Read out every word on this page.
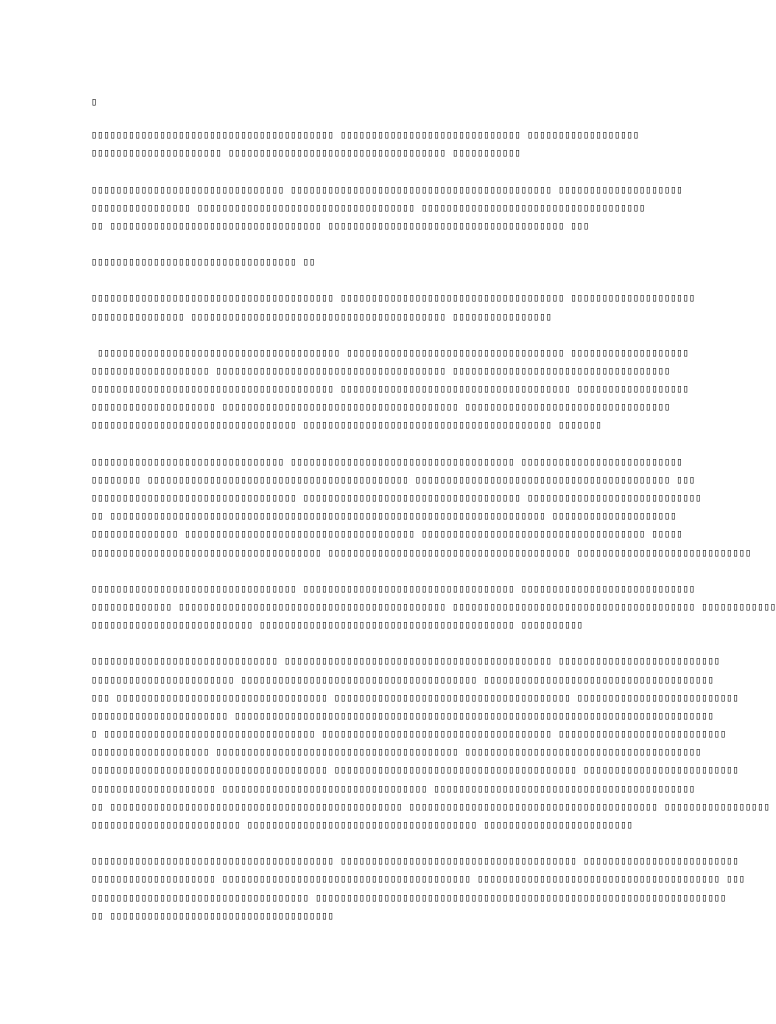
▯
▯▯▯▯▯▯▯▯▯▯▯▯▯▯▯▯▯▯▯▯▯▯▯▯▯▯▯▯▯▯▯▯▯▯▯▯▯▯▯ ▯▯▯▯▯▯▯▯▯▯▯▯▯▯▯▯▯▯▯▯▯▯▯▯▯▯▯▯▯ ▯▯▯▯▯▯▯▯▯▯▯▯▯▯▯▯▯▯
▯▯▯▯▯▯▯▯▯▯▯▯▯▯▯▯▯▯▯▯▯ ▯▯▯▯▯▯▯▯▯▯▯▯▯▯▯▯▯▯▯▯▯▯▯▯▯▯▯▯▯▯▯▯▯▯▯ ▯▯▯▯▯▯▯▯▯▯▯
▯▯▯▯▯▯▯▯▯▯▯▯▯▯▯▯▯▯▯▯▯▯▯▯▯▯▯▯▯▯▯ ▯▯▯▯▯▯▯▯▯▯▯▯▯▯▯▯▯▯▯▯▯▯▯▯▯▯▯▯▯▯▯▯▯▯▯▯▯▯▯▯▯▯ ▯▯▯▯▯▯▯▯▯▯▯▯▯▯▯▯▯▯▯▯
▯▯▯▯▯▯▯▯▯▯▯▯▯▯▯▯ ▯▯▯▯▯▯▯▯▯▯▯▯▯▯▯▯▯▯▯▯▯▯▯▯▯▯▯▯▯▯▯▯▯▯▯ ▯▯▯▯▯▯▯▯▯▯▯▯▯▯▯▯▯▯▯▯▯▯▯▯▯▯▯▯▯▯▯▯▯▯▯▯
▯▯ ▯▯▯▯▯▯▯▯▯▯▯▯▯▯▯▯▯▯▯▯▯▯▯▯▯▯▯▯▯▯▯▯▯▯ ▯▯▯▯▯▯▯▯▯▯▯▯▯▯▯▯▯▯▯▯▯▯▯▯▯▯▯▯▯▯▯▯▯▯▯▯▯▯ ▯▯▯
▯▯▯▯▯▯▯▯▯▯▯▯▯▯▯▯▯▯▯▯▯▯▯▯▯▯▯▯▯▯▯▯▯ ▯▯
▯▯▯▯▯▯▯▯▯▯▯▯▯▯▯▯▯▯▯▯▯▯▯▯▯▯▯▯▯▯▯▯▯▯▯▯▯▯▯ ▯▯▯▯▯▯▯▯▯▯▯▯▯▯▯▯▯▯▯▯▯▯▯▯▯▯▯▯▯▯▯▯▯▯▯▯ ▯▯▯▯▯▯▯▯▯▯▯▯▯▯▯▯▯▯▯▯
▯▯▯▯▯▯▯▯▯▯▯▯▯▯▯ ▯▯▯▯▯▯▯▯▯▯▯▯▯▯▯▯▯▯▯▯▯▯▯▯▯▯▯▯▯▯▯▯▯▯▯▯▯▯▯▯▯ ▯▯▯▯▯▯▯▯▯▯▯▯▯▯▯▯
▯▯▯▯▯▯▯▯▯▯▯▯▯▯▯▯▯▯▯▯▯▯▯▯▯▯▯▯▯▯▯▯▯▯▯▯▯▯▯ ▯▯▯▯▯▯▯▯▯▯▯▯▯▯▯▯▯▯▯▯▯▯▯▯▯▯▯▯▯▯▯▯▯▯▯ ▯▯▯▯▯▯▯▯▯▯▯▯▯▯▯▯▯▯▯
▯▯▯▯▯▯▯▯▯▯▯▯▯▯▯▯▯▯▯ ▯▯▯▯▯▯▯▯▯▯▯▯▯▯▯▯▯▯▯▯▯▯▯▯▯▯▯▯▯▯▯▯▯▯▯▯▯ ▯▯▯▯▯▯▯▯▯▯▯▯▯▯▯▯▯▯▯▯▯▯▯▯▯▯▯▯▯▯▯▯▯▯▯
▯▯▯▯▯▯▯▯▯▯▯▯▯▯▯▯▯▯▯▯▯▯▯▯▯▯▯▯▯▯▯▯▯▯▯▯▯▯▯ ▯▯▯▯▯▯▯▯▯▯▯▯▯▯▯▯▯▯▯▯▯▯▯▯▯▯▯▯▯▯▯▯▯▯▯▯▯ ▯▯▯▯▯▯▯▯▯▯▯▯▯▯▯▯▯▯
▯▯▯▯▯▯▯▯▯▯▯▯▯▯▯▯▯▯▯▯ ▯▯▯▯▯▯▯▯▯▯▯▯▯▯▯▯▯▯▯▯▯▯▯▯▯▯▯▯▯▯▯▯▯▯▯▯▯▯ ▯▯▯▯▯▯▯▯▯▯▯▯▯▯▯▯▯▯▯▯▯▯▯▯▯▯▯▯▯▯▯▯▯
▯▯▯▯▯▯▯▯▯▯▯▯▯▯▯▯▯▯▯▯▯▯▯▯▯▯▯▯▯▯▯▯▯ ▯▯▯▯▯▯▯▯▯▯▯▯▯▯▯▯▯▯▯▯▯▯▯▯▯▯▯▯▯▯▯▯▯▯▯▯▯▯▯▯ ▯▯▯▯▯▯▯
▯▯▯▯▯▯▯▯▯▯▯▯▯▯▯▯▯▯▯▯▯▯▯▯▯▯▯▯▯▯▯ ▯▯▯▯▯▯▯▯▯▯▯▯▯▯▯▯▯▯▯▯▯▯▯▯▯▯▯▯▯▯▯▯▯▯▯▯ ▯▯▯▯▯▯▯▯▯▯▯▯▯▯▯▯▯▯▯▯▯▯▯▯▯▯
▯▯▯▯▯▯▯▯ ▯▯▯▯▯▯▯▯▯▯▯▯▯▯▯▯▯▯▯▯▯▯▯▯▯▯▯▯▯▯▯▯▯▯▯▯▯▯▯▯▯▯ ▯▯▯▯▯▯▯▯▯▯▯▯▯▯▯▯▯▯▯▯▯▯▯▯▯▯▯▯▯▯▯▯▯▯▯▯▯▯▯▯▯ ▯▯▯
▯▯▯▯▯▯▯▯▯▯▯▯▯▯▯▯▯▯▯▯▯▯▯▯▯▯▯▯▯▯▯▯▯ ▯▯▯▯▯▯▯▯▯▯▯▯▯▯▯▯▯▯▯▯▯▯▯▯▯▯▯▯▯▯▯▯▯▯▯ ▯▯▯▯▯▯▯▯▯▯▯▯▯▯▯▯▯▯▯▯▯▯▯▯▯▯▯▯
▯▯ ▯▯▯▯▯▯▯▯▯▯▯▯▯▯▯▯▯▯▯▯▯▯▯▯▯▯▯▯▯▯▯▯▯▯▯▯▯▯▯▯▯▯▯▯▯▯▯▯▯▯▯▯▯▯▯▯▯▯▯▯▯▯▯▯▯▯▯▯▯▯ ▯▯▯▯▯▯▯▯▯▯▯▯▯▯▯▯▯▯▯▯
▯▯▯▯▯▯▯▯▯▯▯▯▯▯ ▯▯▯▯▯▯▯▯▯▯▯▯▯▯▯▯▯▯▯▯▯▯▯▯▯▯▯▯▯▯▯▯▯▯▯▯▯ ▯▯▯▯▯▯▯▯▯▯▯▯▯▯▯▯▯▯▯▯▯▯▯▯▯▯▯▯▯▯▯▯▯▯▯▯ ▯▯▯▯▯
▯▯▯▯▯▯▯▯▯▯▯▯▯▯▯▯▯▯▯▯▯▯▯▯▯▯▯▯▯▯▯▯▯▯▯▯▯ ▯▯▯▯▯▯▯▯▯▯▯▯▯▯▯▯▯▯▯▯▯▯▯▯▯▯▯▯▯▯▯▯▯▯▯▯▯▯▯ ▯▯▯▯▯▯▯▯▯▯▯▯▯▯▯▯▯▯▯▯▯▯▯▯▯▯▯▯
▯▯▯▯▯▯▯▯▯▯▯▯▯▯▯▯▯▯▯▯▯▯▯▯▯▯▯▯▯▯▯▯▯ ▯▯▯▯▯▯▯▯▯▯▯▯▯▯▯▯▯▯▯▯▯▯▯▯▯▯▯▯▯▯▯▯▯▯ ▯▯▯▯▯▯▯▯▯▯▯▯▯▯▯▯▯▯▯▯▯▯▯▯▯▯▯▯
▯▯▯▯▯▯▯▯▯▯▯▯▯ ▯▯▯▯▯▯▯▯▯▯▯▯▯▯▯▯▯▯▯▯▯▯▯▯▯▯▯▯▯▯▯▯▯▯▯▯▯▯▯▯▯▯▯ ▯▯▯▯▯▯▯▯▯▯▯▯▯▯▯▯▯▯▯▯▯▯▯▯▯▯▯▯▯▯▯▯▯▯▯▯▯▯▯ ▯▯▯▯▯▯▯▯▯▯▯▯
▯▯▯▯▯▯▯▯▯▯▯▯▯▯▯▯▯▯▯▯▯▯▯▯▯▯ ▯▯▯▯▯▯▯▯▯▯▯▯▯▯▯▯▯▯▯▯▯▯▯▯▯▯▯▯▯▯▯▯▯▯▯▯▯▯▯▯▯ ▯▯▯▯▯▯▯▯▯▯
▯▯▯▯▯▯▯▯▯▯▯▯▯▯▯▯▯▯▯▯▯▯▯▯▯▯▯▯▯▯ ▯▯▯▯▯▯▯▯▯▯▯▯▯▯▯▯▯▯▯▯▯▯▯▯▯▯▯▯▯▯▯▯▯▯▯▯▯▯▯▯▯▯▯ ▯▯▯▯▯▯▯▯▯▯▯▯▯▯▯▯▯▯▯▯▯▯▯▯▯▯
▯▯▯▯▯▯▯▯▯▯▯▯▯▯▯▯▯▯▯▯▯▯▯ ▯▯▯▯▯▯▯▯▯▯▯▯▯▯▯▯▯▯▯▯▯▯▯▯▯▯▯▯▯▯▯▯▯▯▯▯▯▯ ▯▯▯▯▯▯▯▯▯▯▯▯▯▯▯▯▯▯▯▯▯▯▯▯▯▯▯▯▯▯▯▯▯▯▯▯▯
▯▯▯ ▯▯▯▯▯▯▯▯▯▯▯▯▯▯▯▯▯▯▯▯▯▯▯▯▯▯▯▯▯▯▯▯▯▯ ▯▯▯▯▯▯▯▯▯▯▯▯▯▯▯▯▯▯▯▯▯▯▯▯▯▯▯▯▯▯▯▯▯▯▯▯▯▯ ▯▯▯▯▯▯▯▯▯▯▯▯▯▯▯▯▯▯▯▯▯▯▯▯▯▯
▯▯▯▯▯▯▯▯▯▯▯▯▯▯▯▯▯▯▯▯▯▯ ▯▯▯▯▯▯▯▯▯▯▯▯▯▯▯▯▯▯▯▯▯▯▯▯▯▯▯▯▯▯▯▯▯▯▯▯▯▯▯▯▯▯▯▯▯▯▯▯▯▯▯▯▯▯▯▯▯▯▯▯▯▯▯▯▯▯▯▯▯▯▯▯▯▯▯▯▯
▯ ▯▯▯▯▯▯▯▯▯▯▯▯▯▯▯▯▯▯▯▯▯▯▯▯▯▯▯▯▯▯▯▯▯▯ ▯▯▯▯▯▯▯▯▯▯▯▯▯▯▯▯▯▯▯▯▯▯▯▯▯▯▯▯▯▯▯▯▯▯▯▯▯ ▯▯▯▯▯▯▯▯▯▯▯▯▯▯▯▯▯▯▯▯▯▯▯▯▯▯▯
▯▯▯▯▯▯▯▯▯▯▯▯▯▯▯▯▯▯▯ ▯▯▯▯▯▯▯▯▯▯▯▯▯▯▯▯▯▯▯▯▯▯▯▯▯▯▯▯▯▯▯▯▯▯▯▯▯▯▯ ▯▯▯▯▯▯▯▯▯▯▯▯▯▯▯▯▯▯▯▯▯▯▯▯▯▯▯▯▯▯▯▯▯▯▯▯▯▯
▯▯▯▯▯▯▯▯▯▯▯▯▯▯▯▯▯▯▯▯▯▯▯▯▯▯▯▯▯▯▯▯▯▯▯▯▯▯ ▯▯▯▯▯▯▯▯▯▯▯▯▯▯▯▯▯▯▯▯▯▯▯▯▯▯▯▯▯▯▯▯▯▯▯▯▯▯▯ ▯▯▯▯▯▯▯▯▯▯▯▯▯▯▯▯▯▯▯▯▯▯▯▯▯
▯▯▯▯▯▯▯▯▯▯▯▯▯▯▯▯▯▯▯▯ ▯▯▯▯▯▯▯▯▯▯▯▯▯▯▯▯▯▯▯▯▯▯▯▯▯▯▯▯▯▯▯▯▯ ▯▯▯▯▯▯▯▯▯▯▯▯▯▯▯▯▯▯▯▯▯▯▯▯▯▯▯▯▯▯▯▯▯▯▯▯▯▯▯▯▯▯
▯▯ ▯▯▯▯▯▯▯▯▯▯▯▯▯▯▯▯▯▯▯▯▯▯▯▯▯▯▯▯▯▯▯▯▯▯▯▯▯▯▯▯▯▯▯▯▯▯▯ ▯▯▯▯▯▯▯▯▯▯▯▯▯▯▯▯▯▯▯▯▯▯▯▯▯▯▯▯▯▯▯▯▯▯▯▯▯▯▯▯ ▯▯▯▯▯▯▯▯▯▯▯▯▯▯▯▯▯
▯▯▯▯▯▯▯▯▯▯▯▯▯▯▯▯▯▯▯▯▯▯▯▯ ▯▯▯▯▯▯▯▯▯▯▯▯▯▯▯▯▯▯▯▯▯▯▯▯▯▯▯▯▯▯▯▯▯▯▯▯▯ ▯▯▯▯▯▯▯▯▯▯▯▯▯▯▯▯▯▯▯▯▯▯▯▯
▯▯▯▯▯▯▯▯▯▯▯▯▯▯▯▯▯▯▯▯▯▯▯▯▯▯▯▯▯▯▯▯▯▯▯▯▯▯▯ ▯▯▯▯▯▯▯▯▯▯▯▯▯▯▯▯▯▯▯▯▯▯▯▯▯▯▯▯▯▯▯▯▯▯▯▯▯▯ ▯▯▯▯▯▯▯▯▯▯▯▯▯▯▯▯▯▯▯▯▯▯▯▯▯
▯▯▯▯▯▯▯▯▯▯▯▯▯▯▯▯▯▯▯▯ ▯▯▯▯▯▯▯▯▯▯▯▯▯▯▯▯▯▯▯▯▯▯▯▯▯▯▯▯▯▯▯▯▯▯▯▯▯▯▯▯ ▯▯▯▯▯▯▯▯▯▯▯▯▯▯▯▯▯▯▯▯▯▯▯▯▯▯▯▯▯▯▯▯▯▯▯▯▯▯▯ ▯▯▯
▯▯▯▯▯▯▯▯▯▯▯▯▯▯▯▯▯▯▯▯▯▯▯▯▯▯▯▯▯▯▯▯▯▯▯ ▯▯▯▯▯▯▯▯▯▯▯▯▯▯▯▯▯▯▯▯▯▯▯▯▯▯▯▯▯▯▯▯▯▯▯▯▯▯▯▯▯▯▯▯▯▯▯▯▯▯▯▯▯▯▯▯▯▯▯▯▯▯▯▯▯▯
▯▯ ▯▯▯▯▯▯▯▯▯▯▯▯▯▯▯▯▯▯▯▯▯▯▯▯▯▯▯▯▯▯▯▯▯▯▯▯
